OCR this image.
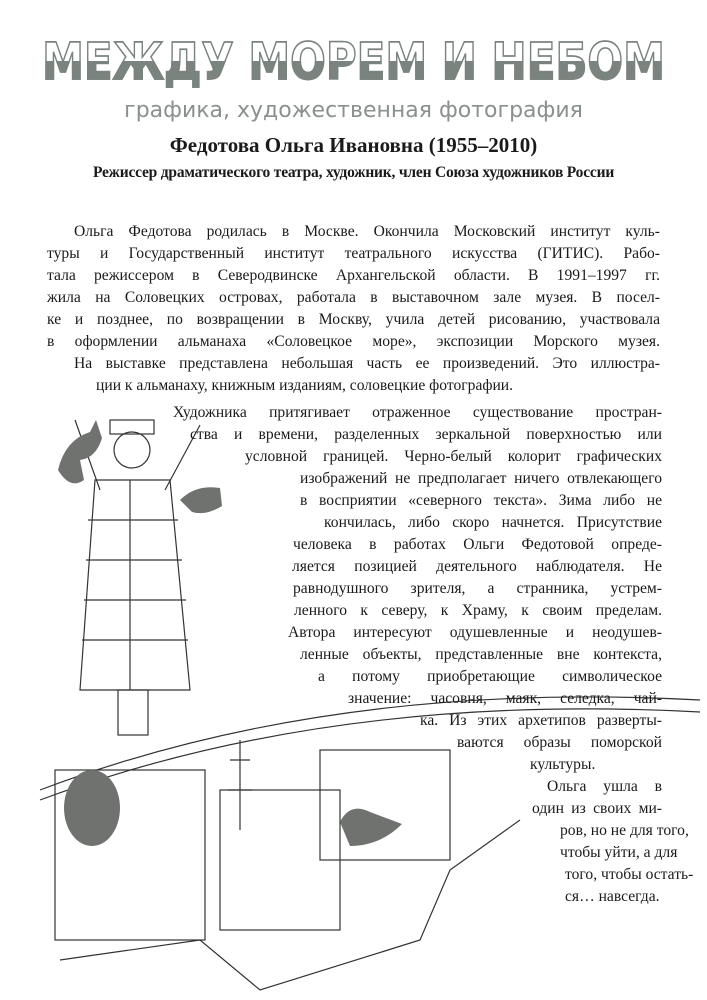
МЕЖДУ МОРЕМ И НЕБОМ
графика, художественная фотография
Федотова Ольга Ивановна (1955–2010)
Режиссер драматического театра, художник, член Союза художников России
Ольга Федотова родилась в Москве. Окончила Московский институт куль-
туры и Государственный институт театрального искусства (ГИТИС). Рабо-
тала режиссером в Северодвинске Архангельской области. В 1991–1997 гг.
жила на Соловецких островах, работала в выставочном зале музея. В посел-
ке и позднее, по возвращении в Москву, учила детей рисованию, участвовала
в оформлении альманаха «Соловецкое море», экспозиции Морского музея.
На выставке представлена небольшая часть ее произведений. Это иллюстра-
ции к альманаху, книжным изданиям, соловецкие фотографии.
Художника притягивает отраженное существование простран-
ства и времени, разделенных зеркальной поверхностью или
условной границей. Черно-белый колорит графических
изображений не предполагает ничего отвлекающего
в восприятии «северного текста». Зима либо не
кончилась, либо скоро начнется. Присутствие
человека в работах Ольги Федотовой опреде-
ляется позицией деятельного наблюдателя. Не
равнодушного зрителя, а странника, устрем-
ленного к северу, к Храму, к своим пределам.
Автора интересуют одушевленные и неодушев-
ленные объекты, представленные вне контекста,
а потому приобретающие символическое
значение: часовня, маяк, селедка, чай-
ка. Из этих архетипов разверты-
ваются образы поморской
культуры.
Ольга ушла в
один из своих ми-
ров, но не для того,
чтобы уйти, а для
того, чтобы остать-
ся… навсегда.
